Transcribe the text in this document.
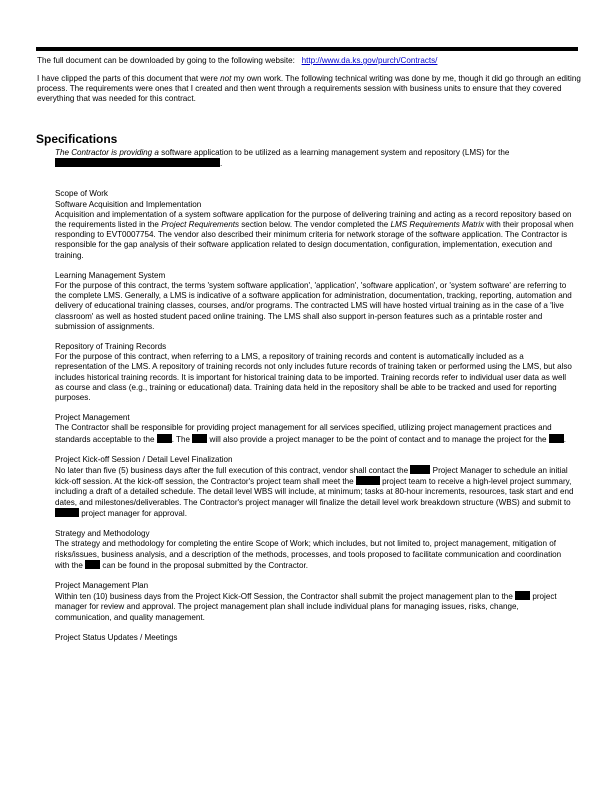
The full document can be downloaded by going to the following website: http://www.da.ks.gov/purch/Contracts/

I have clipped the parts of this document that were not my own work. The following technical writing was done by me, though it did go through an editing process. The requirements were ones that I created and then went through a requirements session with business units to ensure that they covered everything that was needed for this contract.

Specifications

The Contractor is providing a software application to be utilized as a learning management system and repository (LMS) for the .

Scope of Work

Software Acquisition and Implementation

Acquisition and implementation of a system software application for the purpose of delivering training and acting as a record repository based on the requirements listed in the Project Requirements section below. The vendor completed the LMS Requirements Matrix with their proposal when responding to EVT0007754. The vendor also described their minimum criteria for network storage of the software application. The Contractor is responsible for the gap analysis of their software application related to design documentation, configuration, implementation, execution and training.

Learning Management System

For the purpose of this contract, the terms 'system software application', 'application', 'software application', or 'system software' are referring to the complete LMS. Generally, a LMS is indicative of a software application for administration, documentation, tracking, reporting, automation and delivery of educational training classes, courses, and/or programs. The contracted LMS will have hosted virtual training as in the case of a 'live classroom' as well as hosted student paced online training. The LMS shall also support in-person features such as a printable roster and submission of assignments.

Repository of Training Records

For the purpose of this contract, when referring to a LMS, a repository of training records and content is automatically included as a representation of the LMS. A repository of training records not only includes future records of training taken or performed using the LMS, but also includes historical training records. It is important for historical training data to be imported. Training records refer to individual user data as well as course and class (e.g., training or educational) data. Training data held in the repository shall be able to be tracked and used for reporting purposes.

Project Management

The Contractor shall be responsible for providing project management for all services specified, utilizing project management practices and standards acceptable to the . The  will also provide a project manager to be the point of contact and to manage the project for the .

Project Kick-off Session / Detail Level Finalization

No later than five (5) business days after the full execution of this contract, vendor shall contact the  Project Manager to schedule an initial kick-off session. At the kick-off session, the Contractor's project team shall meet the	project team to receive a high-level project summary, including a draft of a detailed schedule. The detail level WBS will include, at minimum; tasks at 80-hour increments, resources, task start and end dates, and milestones/deliverables. The Contractor's project manager will finalize the detail level work breakdown structure (WBS) and submit to  project manager for approval.

Strategy and Methodology

The strategy and methodology for completing the entire Scope of Work; which includes, but not limited to, project management, mitigation of risks/issues, business analysis, and a description of the methods, processes, and tools proposed to facilitate communication and coordination with the  can be found in the proposal submitted by the Contractor.

Project Management Plan

Within ten (10) business days from the Project Kick-Off Session, the Contractor shall submit the project management plan to the  project manager for review and approval. The project management plan shall include individual plans for managing issues, risks, change, communication, and quality management.

Project Status Updates / Meetings
